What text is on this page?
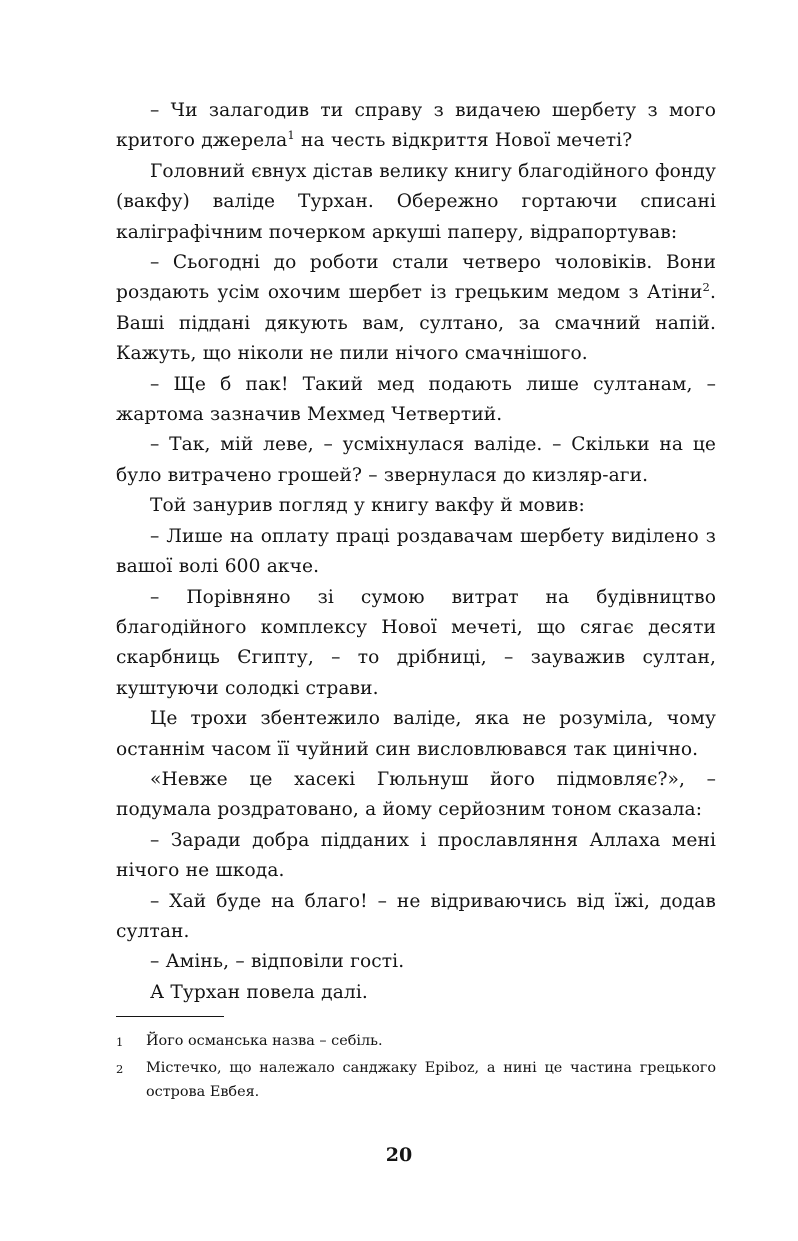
– Чи залагодив ти справу з видачею шербету з мого критого джерела$^1$ на честь відкриття Нової мечеті?

Головний євнух дістав велику книгу благодійного фонду (вакфу) валіде Турхан. Обережно гортаючи списані каліграфічним почерком аркуші паперу, відрапортував:

– Сьогодні до роботи стали четверо чоловіків. Вони роздають усім охочим шербет із грецьким медом з Атіни$^2$. Ваші піддані дякують вам, султано, за смачний напій. Кажуть, що ніколи не пили нічого смачнішого.

– Ще б пак! Такий мед подають лише султанам, – жартома зазначив Мехмед Четвертий.

– Так, мій леве, – усміхнулася валіде. – Скільки на це було витрачено грошей? – звернулася до кизляр-аги.

Той занурив погляд у книгу вакфу й мовив:

– Лише на оплату праці роздавачам шербету виділено з вашої волі 600 акче.

– Порівняно зі сумою витрат на будівництво благодійного комплексу Нової мечеті, що сягає десяти скарбниць Єгипту, – то дрібниці, – зауважив султан, куштуючи солодкі страви.

Це трохи збентежило валіде, яка не розуміла, чому останнім часом її чуйний син висловлювався так цинічно.

«Невже це хасекі Гюльнуш його підмовляє?», – подумала роздратовано, а йому серйозним тоном сказала:

– Заради добра підданих і прославляння Аллаха мені нічого не шкода.

– Хай буде на благо! – не відриваючись від їжі, додав султан.

– Амінь, – відповіли гості.

А Турхан повела далі.

1	Його османська назва – себіль.
2	Містечко, що належало санджаку Еріboz, а нині це частина грецького острова Евбея.
20
